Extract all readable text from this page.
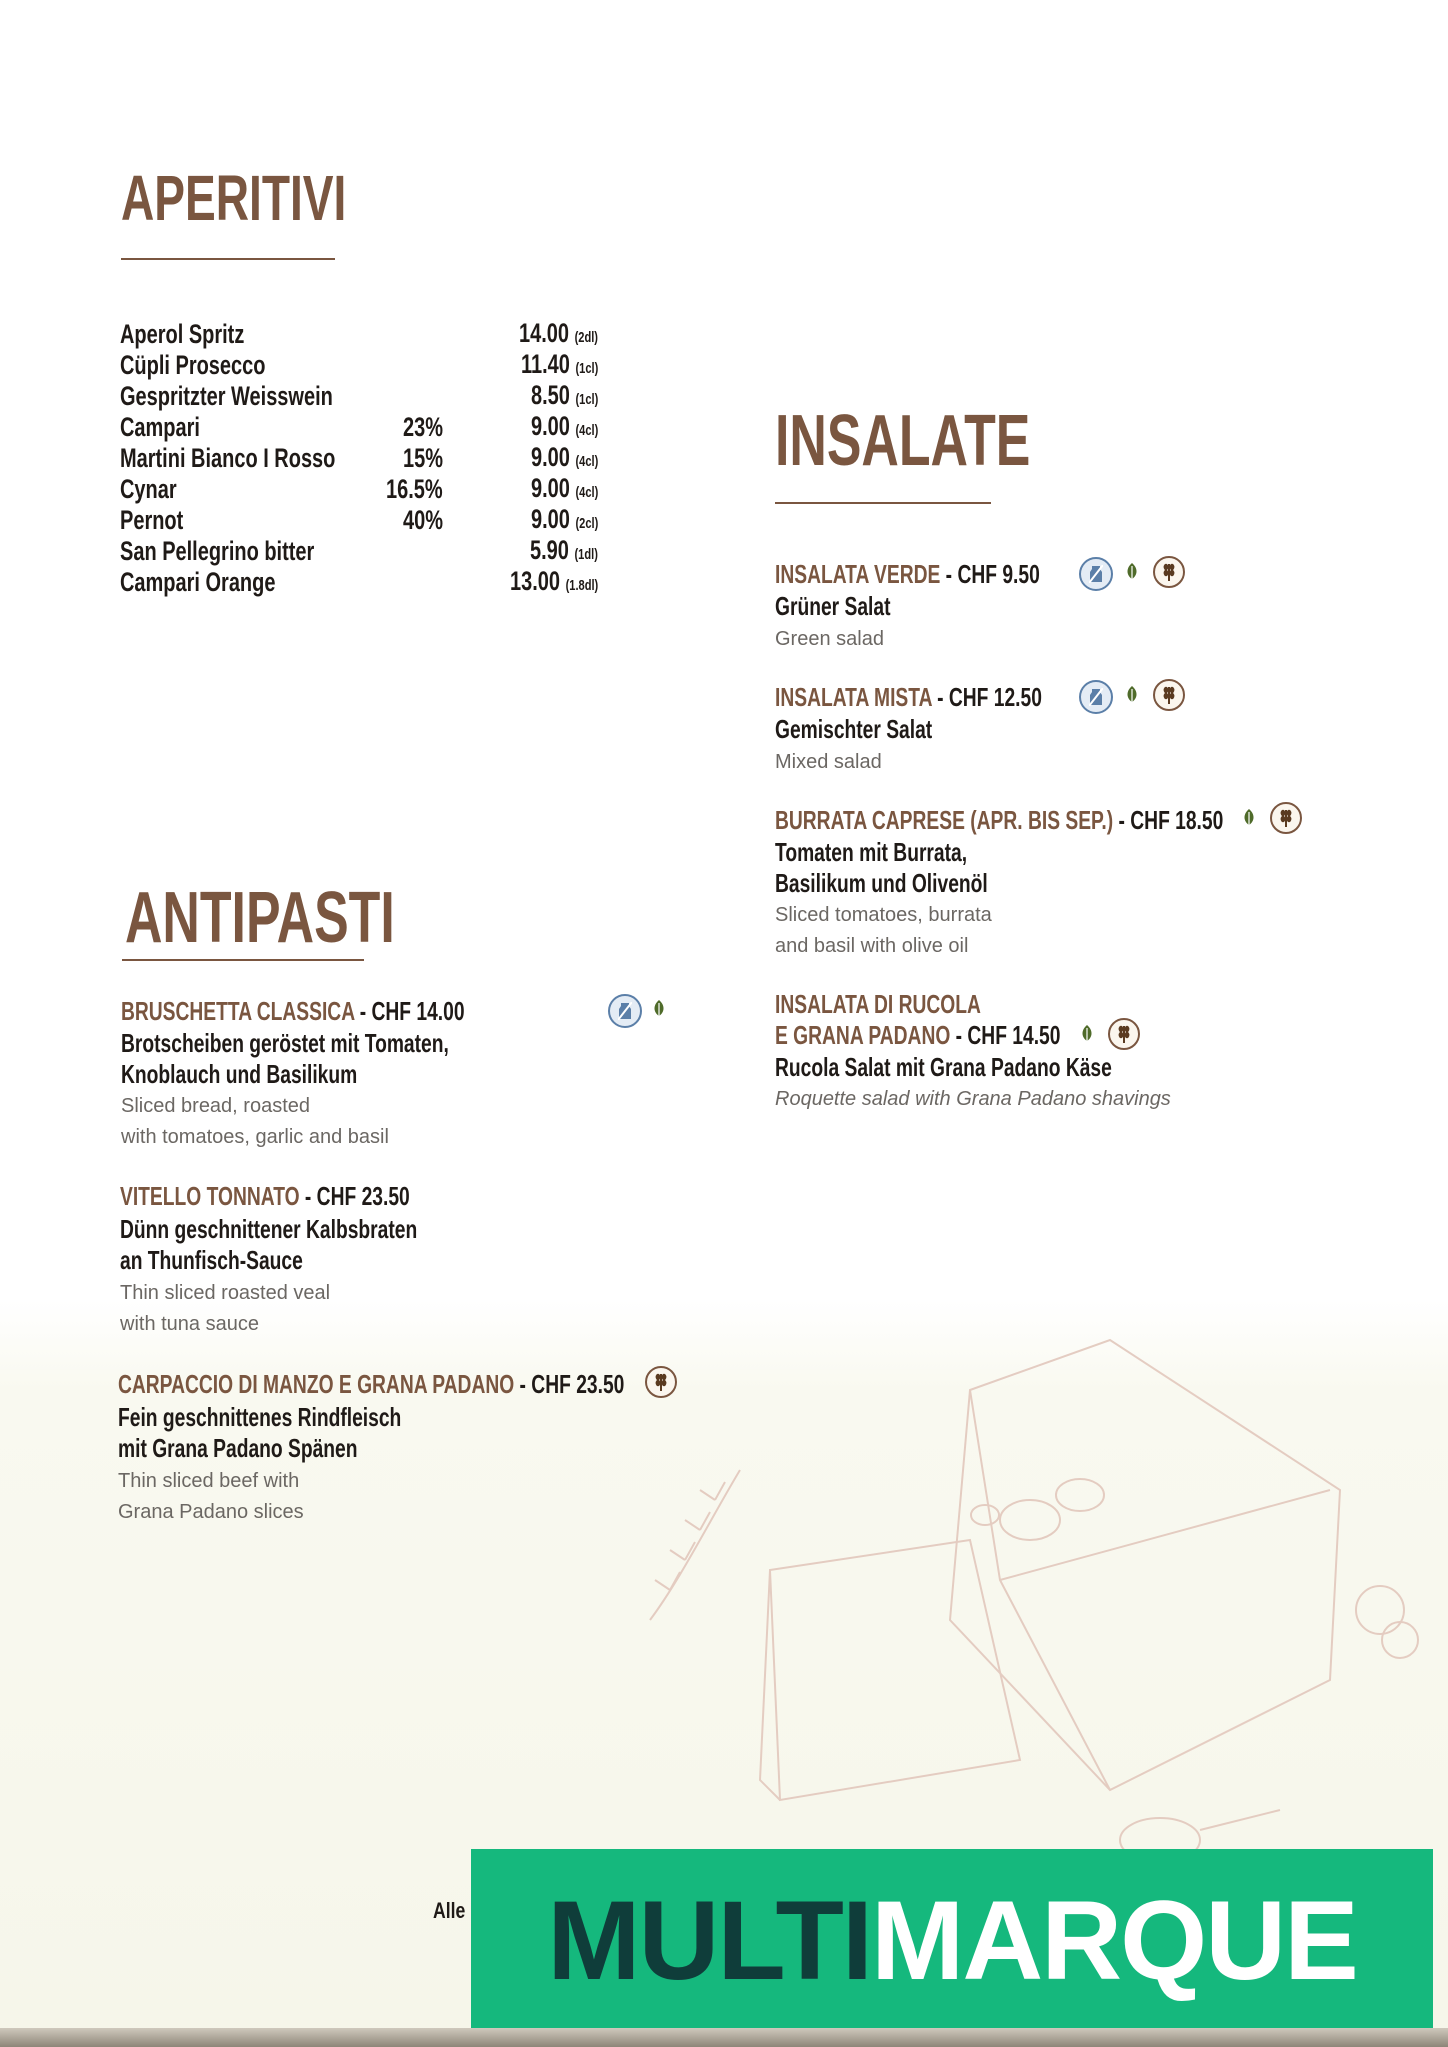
APERITIVI
Aperol Spritz	14.00 (2dl)
Cüpli Prosecco	11.40 (1cl)
Gespritzter Weisswein	8.50 (1cl)
Campari	23%	9.00 (4cl)
Martini Bianco I Rosso	15%	9.00 (4cl)
Cynar	16.5%	9.00 (4cl)
Pernot	40%	9.00 (2cl)
San Pellegrino bitter	5.90 (1dl)
Campari Orange	13.00 (1.8dl)
INSALATE
INSALATA VERDE - CHF 9.50
Grüner Salat
Green salad
INSALATA MISTA - CHF 12.50
Gemischter Salat
Mixed salad
BURRATA CAPRESE (APR. BIS SEP.) - CHF 18.50
Tomaten mit Burrata,
Basilikum und Olivenöl
Sliced tomatoes, burrata
and basil with olive oil
INSALATA DI RUCOLA
E GRANA PADANO - CHF 14.50
Rucola Salat mit Grana Padano Käse
Roquette salad with Grana Padano shavings
ANTIPASTI
BRUSCHETTA CLASSICA - CHF 14.00
Brotscheiben geröstet mit Tomaten,
Knoblauch und Basilikum
Sliced bread, roasted
with tomatoes, garlic and basil
VITELLO TONNATO - CHF 23.50
Dünn geschnittener Kalbsbraten
an Thunfisch-Sauce
Thin sliced roasted veal
with tuna sauce
CARPACCIO DI MANZO E GRANA PADANO - CHF 23.50
Fein geschnittenes Rindfleisch
mit Grana Padano Spänen
Thin sliced beef with
Grana Padano slices
Alle MULTI MARQUE
